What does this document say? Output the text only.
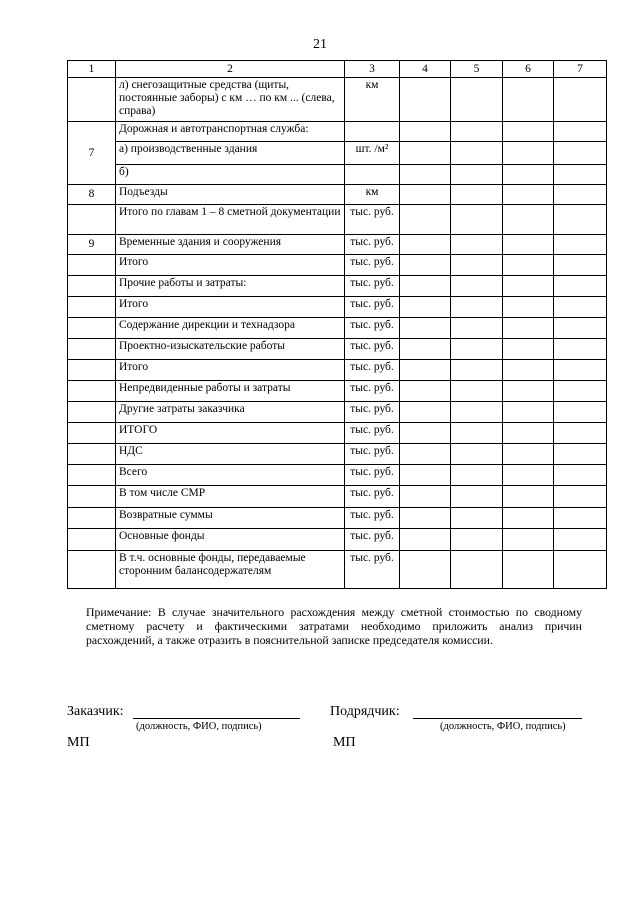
21
1	2	3	4	5	6	7
	л) снегозащитные средства (щиты, постоянные заборы) с км … по км ... (слева, справа)	км				
7	Дорожная и автотранспортная служба:					
	а) производственные здания	шт. /м²				
	б)					
8	Подъезды	км				
	Итого по главам 1 – 8 сметной документации	тыс. руб.				
9	Временные здания и сооружения	тыс. руб.				
	Итого	тыс. руб.				
	Прочие работы и затраты:	тыс. руб.				
	Итого	тыс. руб.				
	Содержание дирекции и технадзора	тыс. руб.				
	Проектно-изыскательские работы	тыс. руб.				
	Итого	тыс. руб.				
	Непредвиденные работы и затраты	тыс. руб.				
	Другие затраты заказчика	тыс. руб.				
	ИТОГО	тыс. руб.				
	НДС	тыс. руб.				
	Всего	тыс. руб.				
	В том числе СМР	тыс. руб.				
	Возвратные суммы	тыс. руб.				
	Основные фонды	тыс. руб.				
	В т.ч. основные фонды, передаваемые сторонним балансодержателям	тыс. руб.				
Примечание: В случае значительного расхождения между сметной стоимостью по сводному сметному расчету и фактическими затратами необходимо приложить анализ причин расхождений, а также отразить в пояснительной записке председателя комиссии.
Заказчик:
(должность, ФИО, подпись)
МП
Подрядчик:
(должность, ФИО, подпись)
МП
